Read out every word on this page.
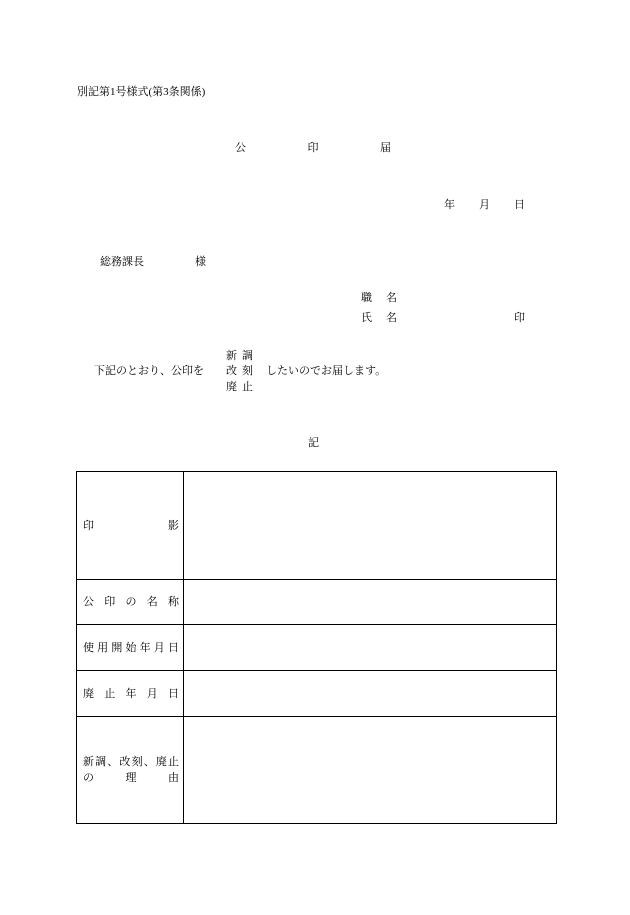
別記第1号様式(第3条関係)
公	印	届
年 月 日
総務課長	様
職 名
氏 名	印
新 調
下記のとおり、公印を 改 刻 したいのでお届します。
廃 止
記
印	影
公 印 の 名 称
使 用 開 始 年 月 日
廃 止 年 月 日
新 調 、 改 刻 、 廃 止
の	理	由
